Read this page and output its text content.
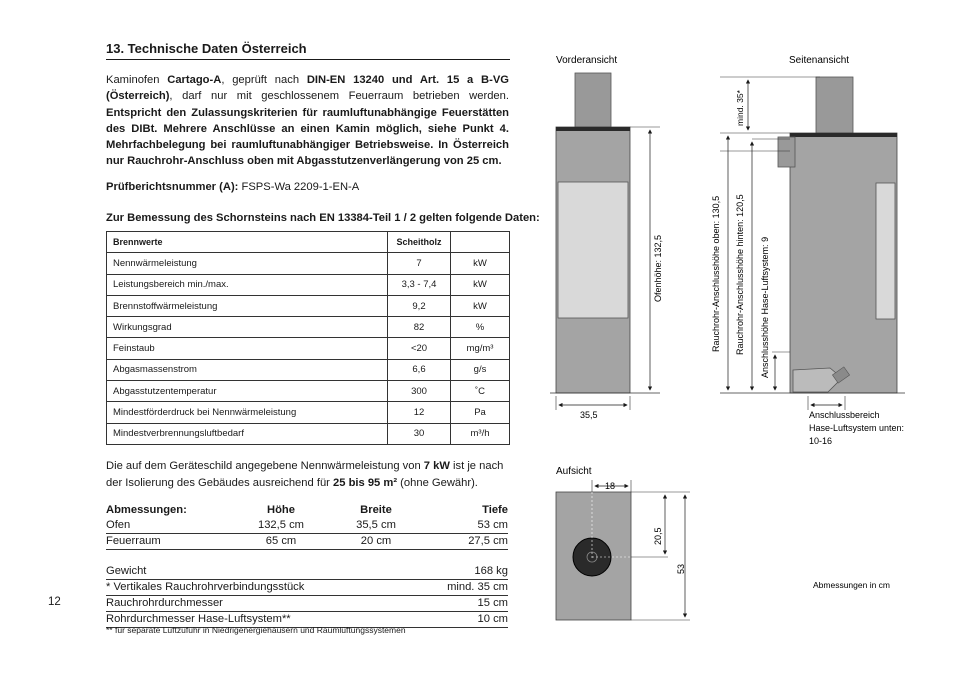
13. Technische Daten Österreich
Kaminofen Cartago-A, geprüft nach DIN-EN 13240 und Art. 15 a B-VG (Österreich), darf nur mit geschlossenem Feuerraum betrieben werden. Entspricht den Zulassungskriterien für raumluftunabhängige Feuerstätten des DIBt. Mehrere Anschlüsse an einen Kamin möglich, siehe Punkt 4. Mehrfachbelegung bei raumluftunabhängiger Betriebsweise. In Österreich nur Rauchrohr-Anschluss oben mit Abgasstutzenverlängerung von 25 cm.
Prüfberichtsnummer (A): FSPS-Wa 2209-1-EN-A
Zur Bemessung des Schornsteins nach EN 13384-Teil 1 / 2 gelten folgende Daten:
Brennwerte	Scheitholz	
Nennwärmeleistung	7	kW
Leistungsbereich min./max.	3,3 - 7,4	kW
Brennstoffwärmeleistung	9,2	kW
Wirkungsgrad	82	%
Feinstaub	<20	mg/m³
Abgasmassenstrom	6,6	g/s
Abgasstutzentemperatur	300	˚C
Mindestförderdruck bei Nennwärmeleistung	12	Pa
Mindestverbrennungsluftbedarf	30	m³/h
Die auf dem Geräteschild angegebene Nennwärmeleistung von 7 kW ist je nach der Isolierung des Gebäudes ausreichend für 25 bis 95 m² (ohne Gewähr).
Abmessungen:	Höhe	Breite	Tiefe
Ofen	132,5 cm	35,5 cm	53 cm
Feuerraum	65 cm	20 cm	27,5 cm
Gewicht	168 kg
* Vertikales Rauchrohrverbindungsstück	mind. 35 cm
Rauchrohrdurchmesser	15 cm
Rohrdurchmesser Hase-Luftsystem**	10 cm
** für separate Luftzufuhr in Niedrigenergiehäusern und Raumlüftungssystemen
12
Ofenhöhe: 132,5
35,5
Vorderansicht
mind. 35*
Rauchrohr-Anschlusshöhe oben: 130,5 Rauchrohr-Anschlusshöhe hinten: 120,5 Anschlusshöhe Hase-Luftsystem: 9
Anschlussbereich
Hase-Luftsystem unten:
10-16
Seitenansicht
18
20,5
53
Aufsicht
Abmessungen in cm
